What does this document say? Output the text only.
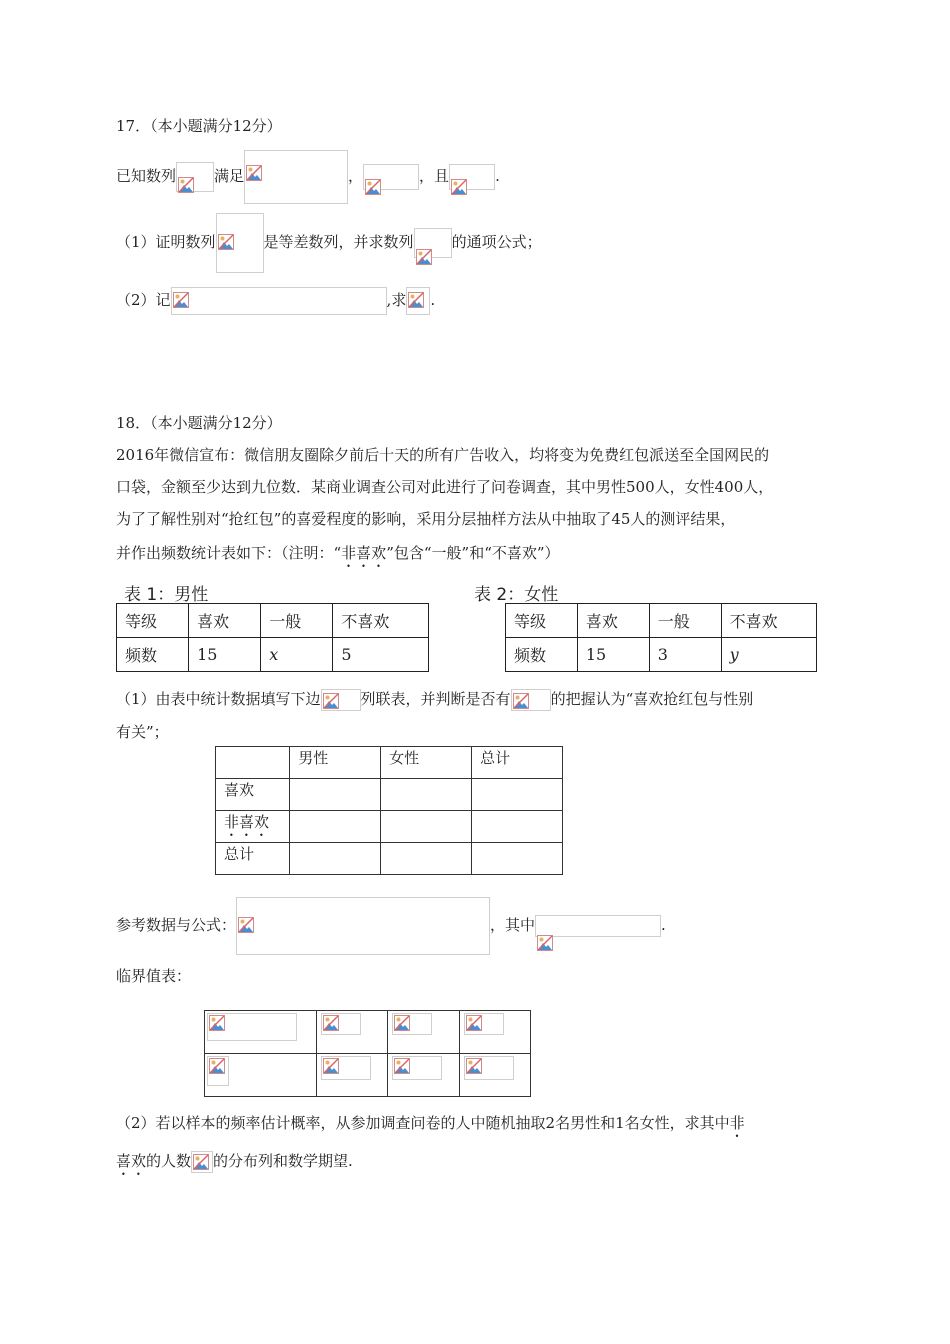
17．（本小题满分12分）
已知数列	满足	，	，且	.
（1）证明数列	是等差数列，并求数列	的通项公式；
（2）记	,求 .
18．（本小题满分12分）
2016年微信宣布：微信朋友圈除夕前后十天的所有广告收入，均将变为免费红包派送至全国网民的
口袋，金额至少达到九位数．某商业调查公司对此进行了问卷调查，其中男性500人，女性400人，
为了了解性别对“抢红包”的喜爱程度的影响，采用分层抽样方法从中抽取了45人的测评结果，
并作出频数统计表如下：（注明：“非喜欢”包含“一般”和“不喜欢”）
表 1：男性
等级	喜欢	一般	不喜欢
频数	15	x	5
表 2：女性
等级	喜欢	一般	不喜欢
频数	15	3	y
（1）由表中统计数据填写下边	列联表，并判断是否有	的把握认为“喜欢抢红包与性别
有关”；
	男性	女性	总计
喜欢			
非喜欢			
总计			
参考数据与公式：	，其中	.
临界值表：

（2）若以样本的频率估计概率，从参加调查问卷的人中随机抽取2名男性和1名女性，求其中非
喜欢的人数 的分布列和数学期望.
